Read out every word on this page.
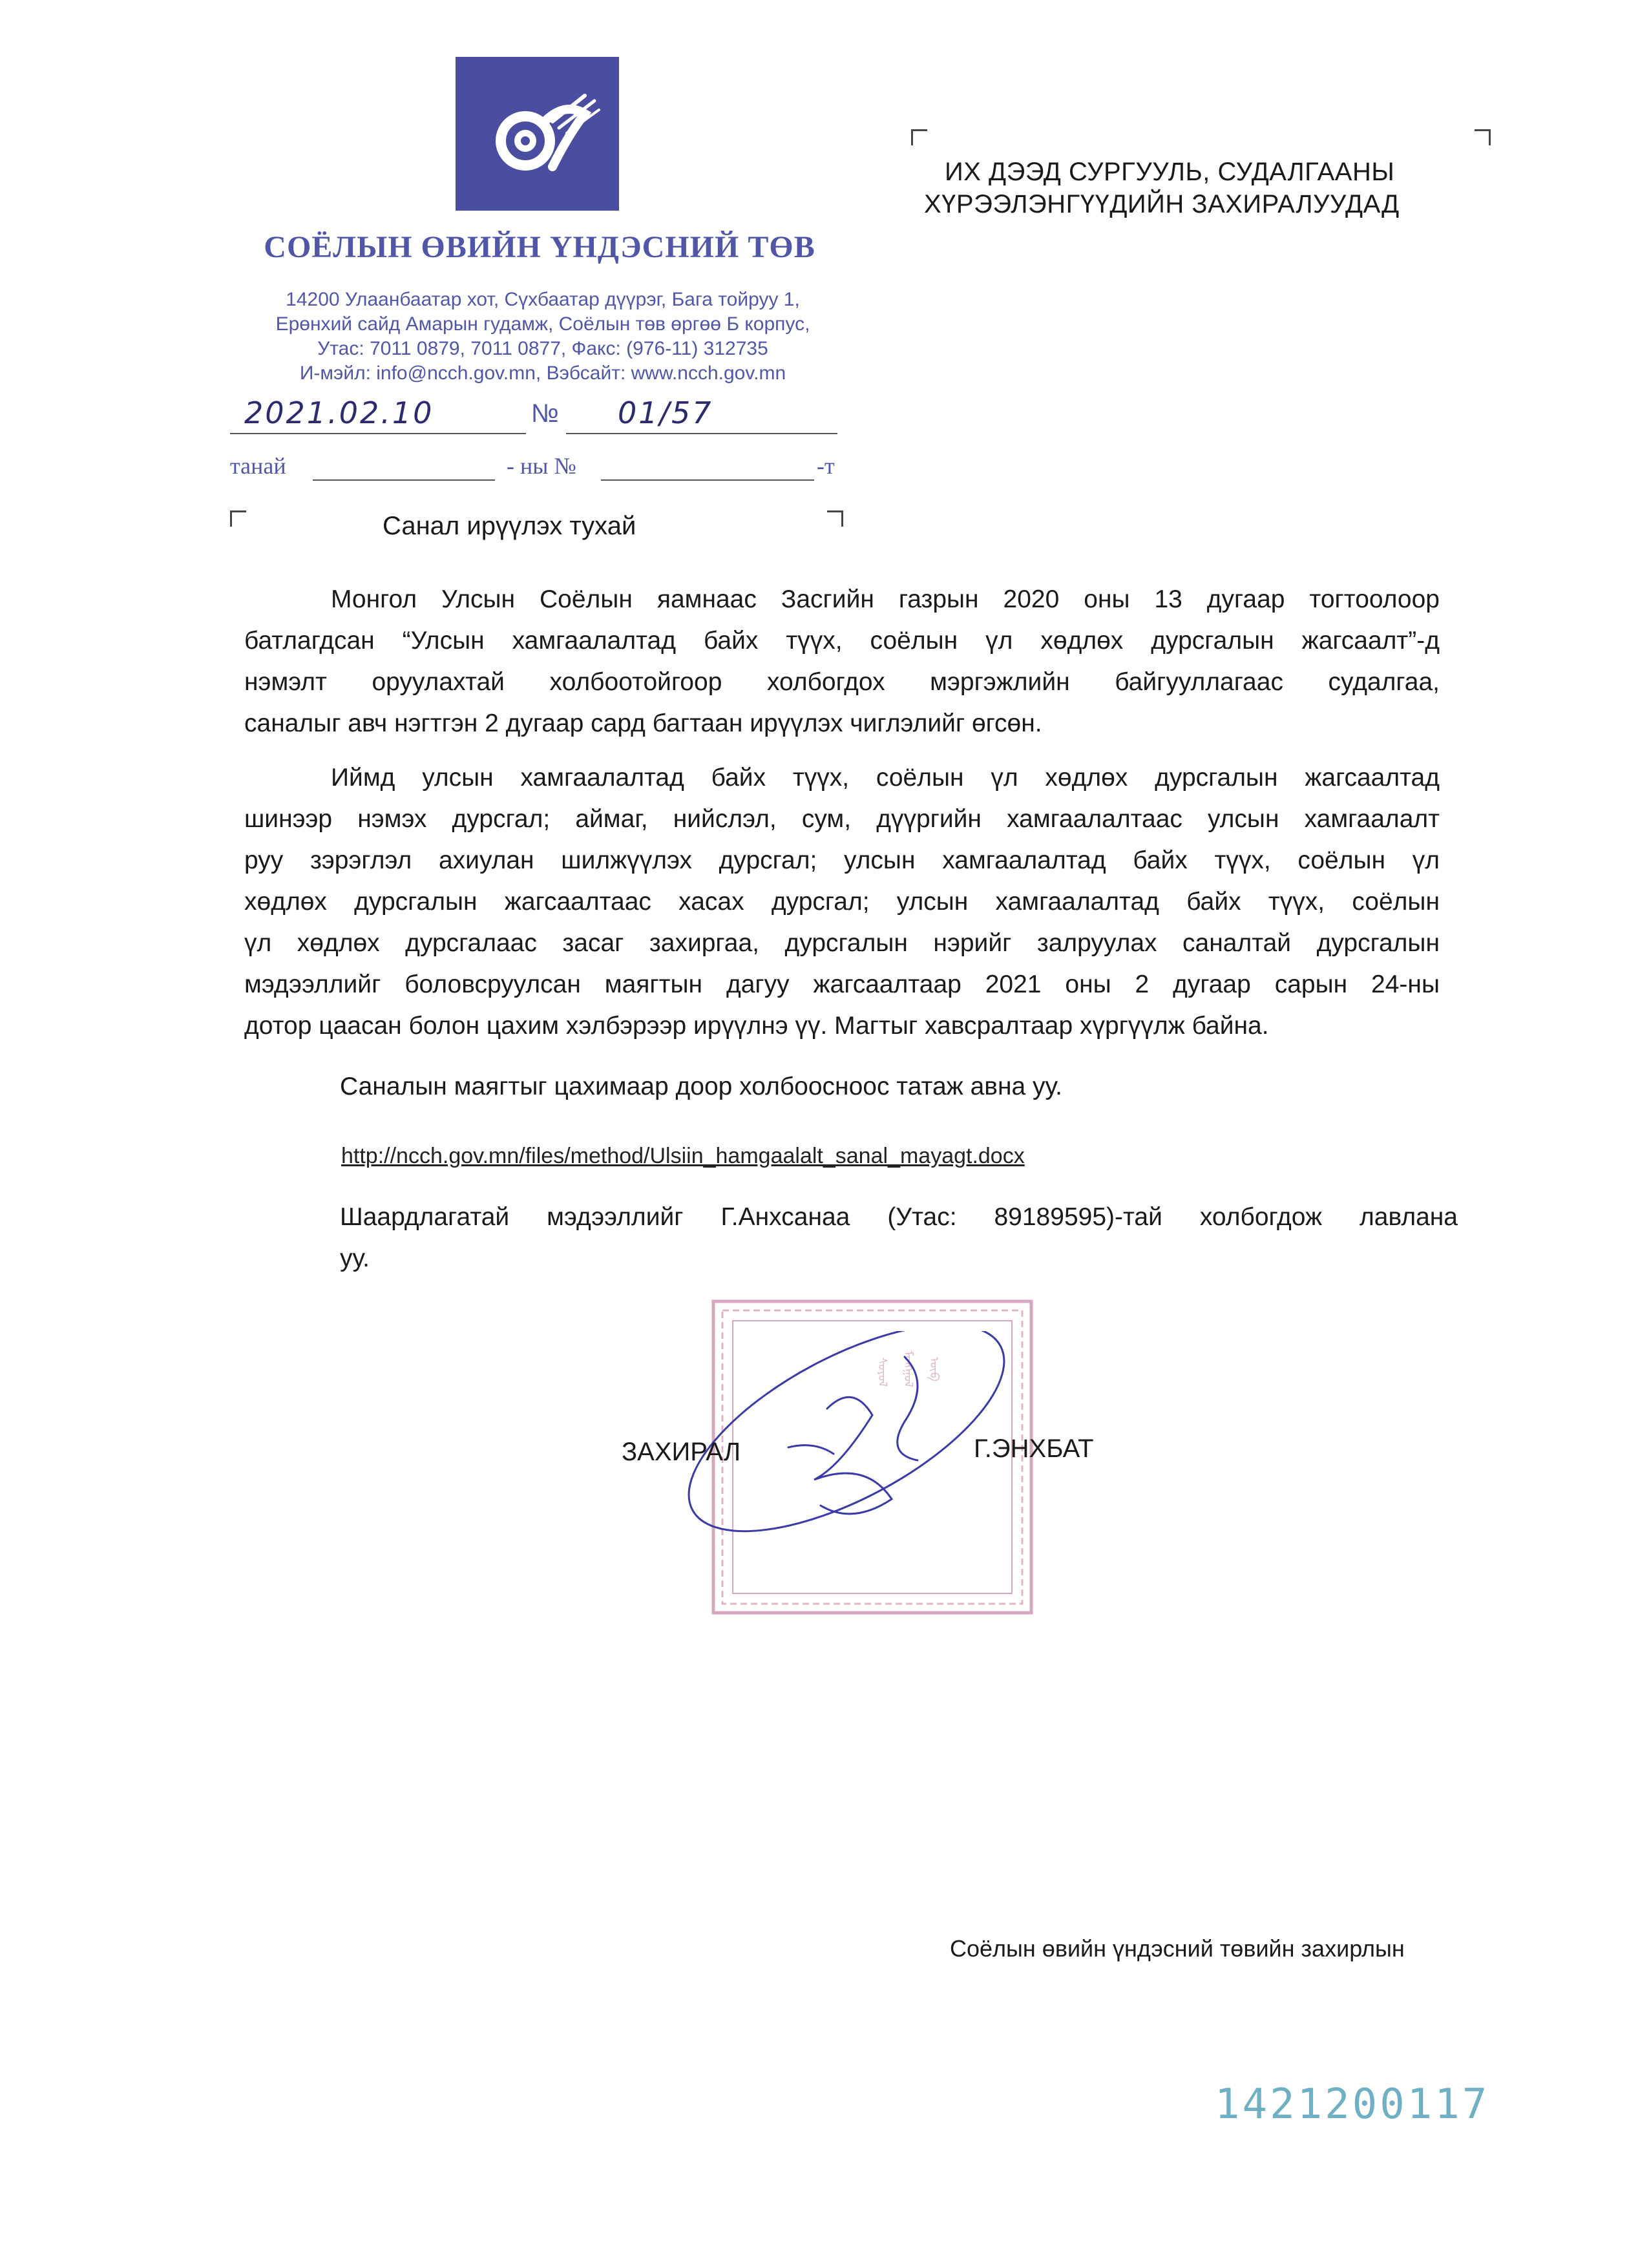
СОЁЛЫН ӨВИЙН ҮНДЭСНИЙ ТӨВ
14200 Улаанбаатар хот, Сүхбаатар дүүрэг, Бага тойруу 1,
Ерөнхий сайд Амарын гудамж, Соёлын төв өргөө Б корпус,
Утас: 7011 0879, 7011 0877, Факс: (976-11) 312735
И-мэйл: info@ncch.gov.mn, Вэбсайт: www.ncch.gov.mn
2021.02.10	№ 01/57
танай	- ны №	-т
ИХ ДЭЭД СУРГУУЛЬ, СУДАЛГААНЫ
ХҮРЭЭЛЭНГҮҮДИЙН ЗАХИРАЛУУДАД
Санал ирүүлэх тухай
Монгол Улсын Соёлын яамнаас Засгийн газрын 2020 оны 13 дугаар тогтоолоор
батлагдсан “Улсын хамгаалалтад байх түүх, соёлын үл хөдлөх дурсгалын жагсаалт”-д
нэмэлт оруулахтай холбоотойгоор холбогдох мэргэжлийн байгууллагаас судалгаа,
саналыг авч нэгтгэн 2 дугаар сард багтаан ирүүлэх чиглэлийг өгсөн.
Иймд улсын хамгаалалтад байх түүх, соёлын үл хөдлөх дурсгалын жагсаалтад
шинээр нэмэх дурсгал; аймаг, нийслэл, сум, дүүргийн хамгаалалтаас улсын хамгаалалт
руу зэрэглэл ахиулан шилжүүлэх дурсгал; улсын хамгаалалтад байх түүх, соёлын үл
хөдлөх дурсгалын жагсаалтаас хасах дурсгал; улсын хамгаалалтад байх түүх, соёлын
үл хөдлөх дурсгалаас засаг захиргаа, дурсгалын нэрийг залруулах саналтай дурсгалын
мэдээллийг боловсруулсан маягтын дагуу жагсаалтаар 2021 оны 2 дугаар сарын 24-ны
дотор цаасан болон цахим хэлбэрээр ирүүлнэ үү. Магтыг хавсралтаар хүргүүлж байна.
Саналын маягтыг цахимаар доор холбоосноос татаж авна уу.
http://ncch.gov.mn/files/method/Ulsiin_hamgaalalt_sanal_mayagt.docx
Шаардлагатай мэдээллийг Г.Анхсанаа (Утас: 89189595)-тай холбогдож лавлана
уу.
ᠮᠣᠩᠭᠣᠯ
ᠰᠣᠶᠣᠯ	ᠥᠪ
ЗАХИРАЛ	Г.ЭНХБАТ
Соёлын өвийн үндэсний төвийн захирлын
1421200117
